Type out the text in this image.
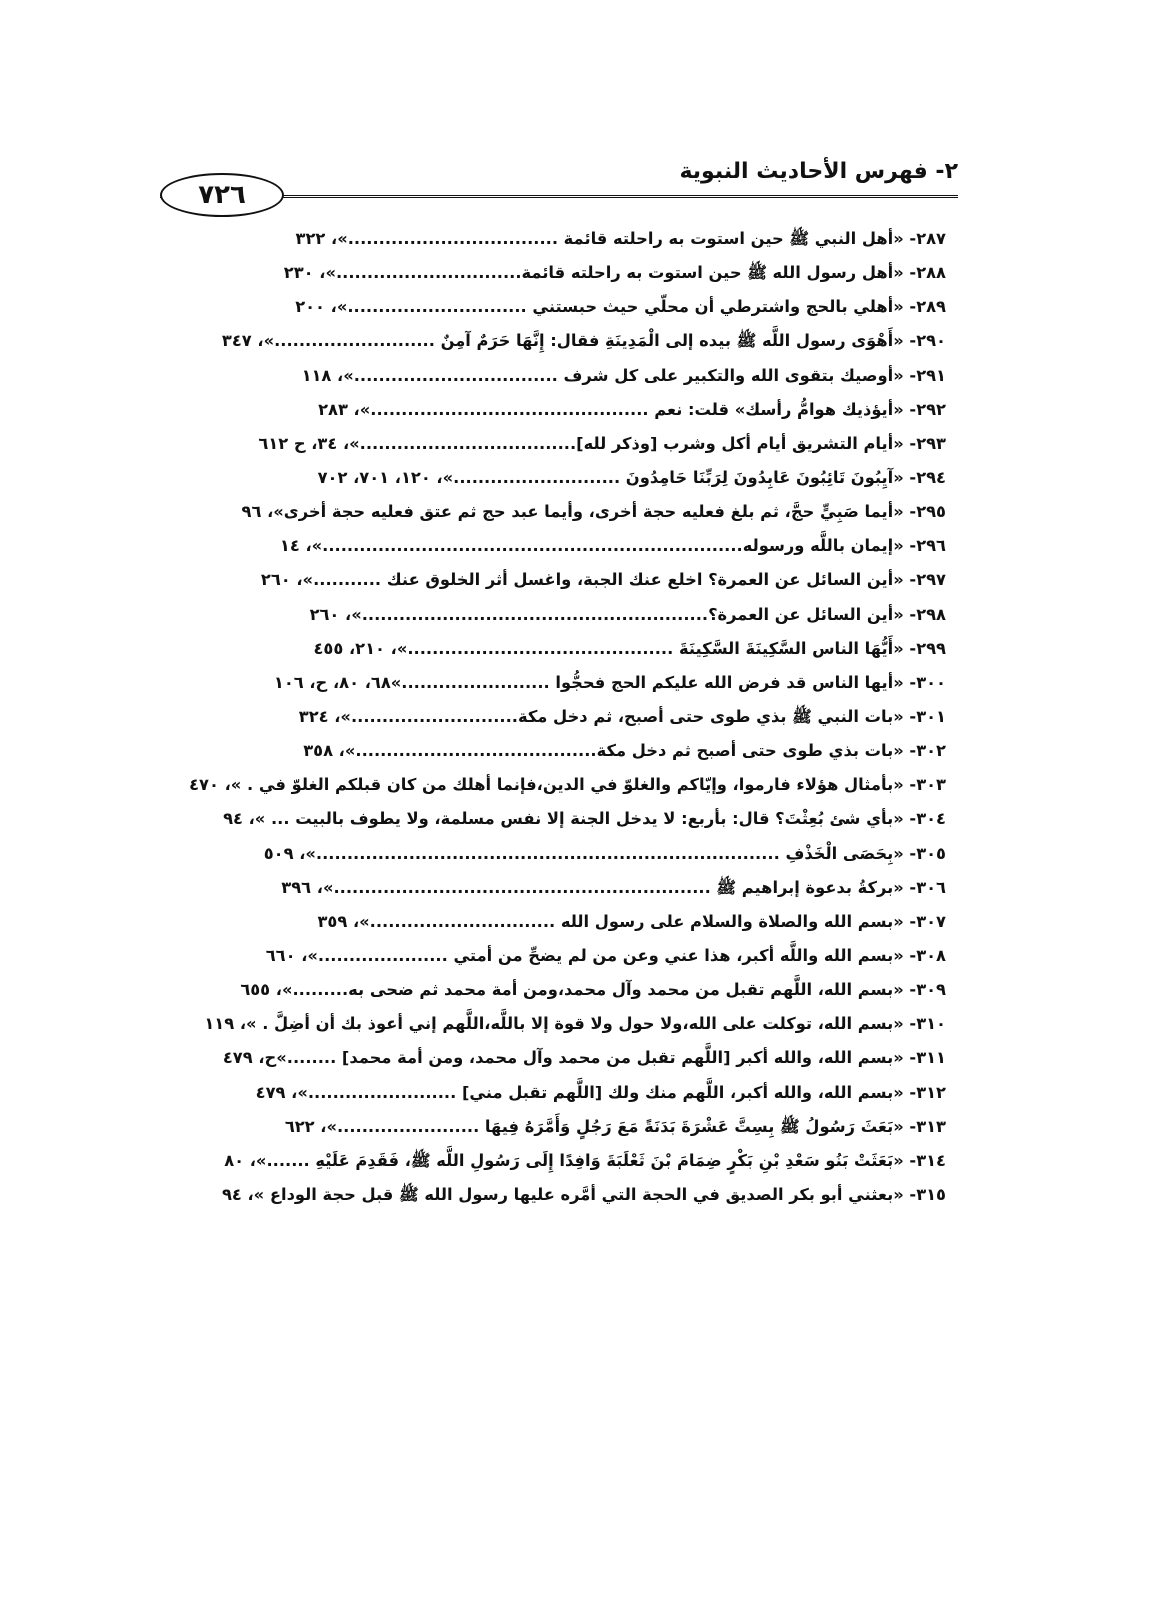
٢- فهرس الأحاديث النبوية
٧٢٦
٢٨٧- «أهل النبي ﷺ حين استوت به راحلته قائمة ..................................»، ٣٢٢
٢٨٨- «أهل رسول الله ﷺ حين استوت به راحلته قائمة..............................»، ٢٣٠
٢٨٩- «أهلي بالحج واشترطي أن محلّي حيث حبستني .............................»، ٢٠٠
٢٩٠- «أَهْوَى رسول اللَّه ﷺ بيده إلى الْمَدِينَةِ فقال: إِنَّهَا حَرَمٌ آمِنٌ ..........................»، ٣٤٧
٢٩١- «أوصيك بتقوى الله والتكبير على كل شرف .................................»، ١١٨
٢٩٢- «أيؤذيك هوامُّ رأسك» قلت: نعم .............................................»، ٢٨٣
٢٩٣- «أيام التشريق أيام أكل وشرب [وذكر لله]...................................»، ٣٤، ح ٦١٢
٢٩٤- «آيِبُونَ تَائِبُونَ عَابِدُونَ لِرَبِّنَا حَامِدُونَ ...........................»، ١٢٠، ٧٠١، ٧٠٢
٢٩٥- «أيما صَبِيٍّ حجَّ، ثم بلغ فعليه حجة أخرى، وأيما عبد حج ثم عتق فعليه حجة أخرى»، ٩٦
٢٩٦- «إيمان باللَّه ورسوله....................................................................»، ١٤
٢٩٧- «أين السائل عن العمرة؟ اخلع عنك الجبة، واغسل أثر الخلوق عنك ...........»، ٢٦٠
٢٩٨- «أين السائل عن العمرة؟........................................................»، ٢٦٠
٢٩٩- «أَيُّهَا الناس السَّكِينَةَ السَّكِينَةَ ...........................................»، ٢١٠، ٤٥٥
٣٠٠- «أيها الناس قد فرض الله عليكم الحج فحجُّوا ........................»٦٨، ٨٠، ح، ١٠٦
٣٠١- «بات النبي ﷺ بذي طوى حتى أصبح، ثم دخل مكة...........................»، ٣٢٤
٣٠٢- «بات بذي طوى حتى أصبح ثم دخل مكة.......................................»، ٣٥٨
٣٠٣- «بأمثال هؤلاء فارموا، وإيّاكم والغلوّ في الدين،فإنما أهلك من كان قبلكم الغلوّ في . »، ٤٧٠
٣٠٤- «بأي شئ بُعِثْتَ؟ قال: بأربع: لا يدخل الجنة إلا نفس مسلمة، ولا يطوف بالبيت ... »، ٩٤
٣٠٥- «بِحَصَى الْخَذْفِ ...........................................................................»، ٥٠٩
٣٠٦- «بركةُ بدعوة إبراهيم ﷺ .............................................................»، ٣٩٦
٣٠٧- «بسم الله والصلاة والسلام على رسول الله ..............................»، ٣٥٩
٣٠٨- «بسم الله واللَّه أكبر، هذا عني وعن من لم يضحِّ من أمتي .....................»، ٦٦٠
٣٠٩- «بسم الله، اللَّهم تقبل من محمد وآل محمد،ومن أمة محمد ثم ضحى به.........»، ٦٥٥
٣١٠- «بسم الله، توكلت على الله،ولا حول ولا قوة إلا باللَّه،اللَّهم إني أعوذ بك أن أضِلَّ . »، ١١٩
٣١١- «بسم الله، والله أكبر [اللَّهم تقبل من محمد وآل محمد، ومن أمة محمد] ........»ح، ٤٧٩
٣١٢- «بسم الله، والله أكبر، اللَّهم منك ولك [اللَّهم تقبل مني] ........................»، ٤٧٩
٣١٣- «بَعَثَ رَسُولُ ﷺ بِسِتَّ عَشْرَةَ بَدَنَةً مَعَ رَجُلٍ وَأَمَّرَهُ فِيهَا .......................»، ٦٢٢
٣١٤- «بَعَثَتْ بَنُو سَعْدِ بْنِ بَكْرٍ ضِمَامَ بْنَ ثَعْلَبَةَ وَافِدًا إِلَى رَسُولِ اللَّه ﷺ، فَقَدِمَ عَلَيْهِ .......»، ٨٠
٣١٥- «بعثني أبو بكر الصديق في الحجة التي أمَّره عليها رسول الله ﷺ قبل حجة الوداع »، ٩٤
